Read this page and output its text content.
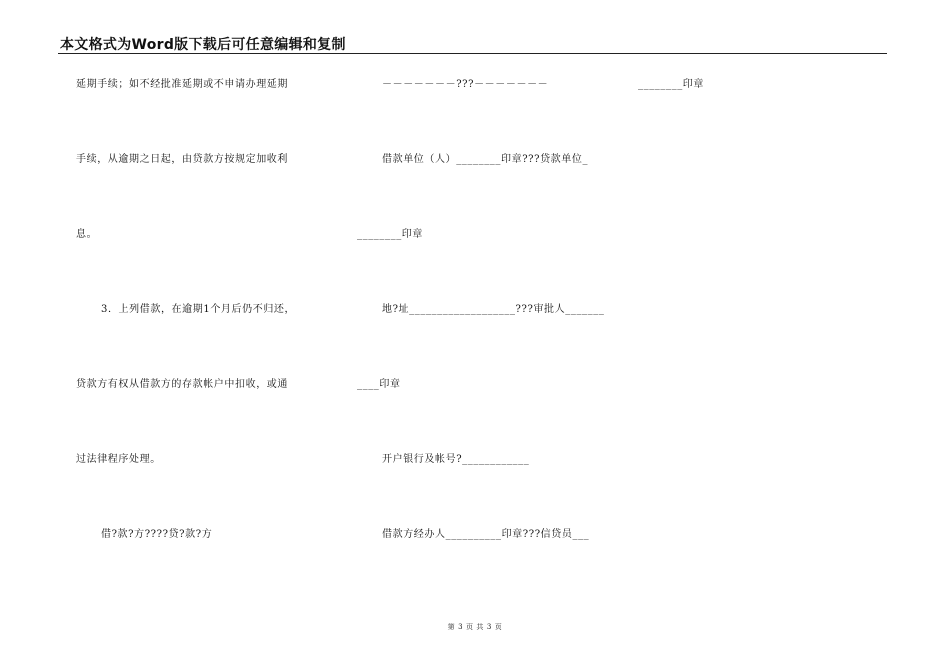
本文格式为Word版下载后可任意编辑和复制
延期手续；如不经批准延期或不申请办理延期
手续，从逾期之日起，由贷款方按规定加收利
息。
3．上列借款，在逾期1个月后仍不归还，
贷款方有权从借款方的存款帐户中扣收，或通
过法律程序处理。
借?款?方????贷?款?方
－－－－－－－???－－－－－－－	________印章
借款单位（人）________印章???贷款单位_
________印章
地?址___________________???审批人_______
____印章
开户银行及帐号?____________
借款方经办人__________印章???信贷员___
第 3 页 共 3 页
